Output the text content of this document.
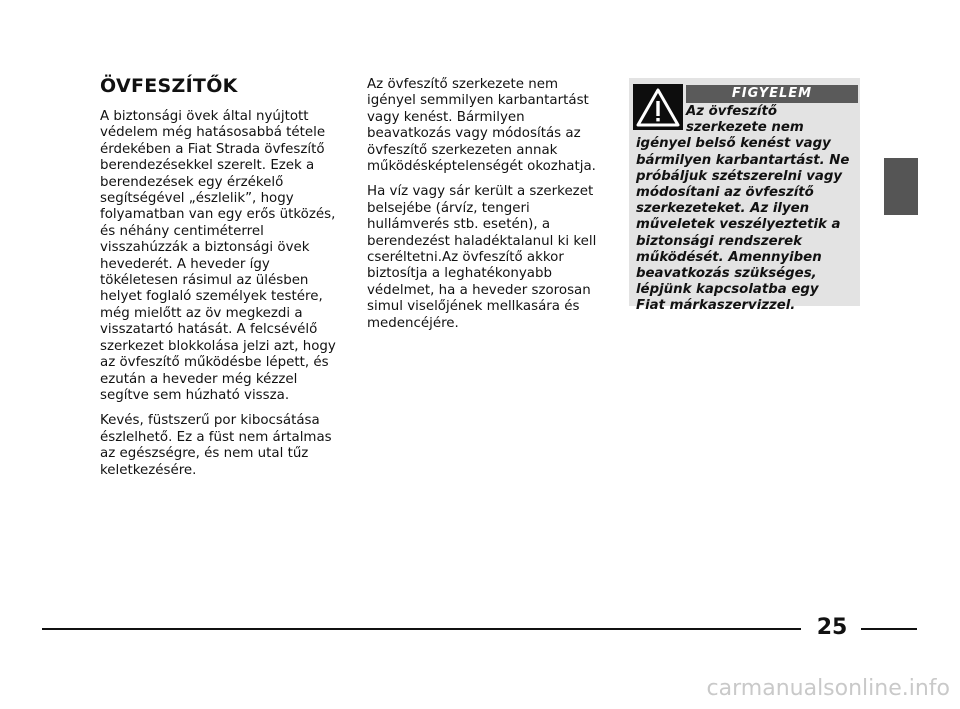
ÖVFESZÍTŐK

A biztonsági övek által nyújtott védelem még hatásosabbá tétele érdekében a Fiat Strada övfeszítő berendezésekkel szerelt. Ezek a berendezések egy érzékelő segítségével „észlelik”, hogy folyamatban van egy erős ütközés, és néhány centiméterrel visszahúzzák a biztonsági övek hevederét. A heveder így tökéletesen rásimul az ülésben helyet foglaló személyek testére, még mielőtt az öv megkezdi a visszatartó hatását. A felcsévélő szerkezet blokkolása jelzi azt, hogy az övfeszítő működésbe lépett, és ezután a heveder még kézzel segítve sem húzható vissza.

Kevés, füstszerű por kibocsátása észlelhető. Ez a füst nem ártalmas az egészségre, és nem utal tűz keletkezésére.

Az övfeszítő szerkezete nem igényel semmilyen karbantartást vagy kenést. Bármilyen beavatkozás vagy módosítás az övfeszítő szerkezeten annak működésképtelenségét okozhatja.

Ha víz vagy sár került a szerkezet belsejébe (árvíz, tengeri hullámverés stb. esetén), a berendezést haladéktalanul ki kell cseréltetni.Az övfeszítő akkor biztosítja a leghatékonyabb védelmet, ha a heveder szorosan simul viselőjének mellkasára és medencéjére.

FIGYELEM
Az övfeszítő szerkezete nem igényel belső kenést vagy bármilyen karbantartást. Ne próbáljuk szétszerelni vagy módosítani az övfeszítő szerkezeteket. Az ilyen műveletek veszélyeztetik a biztonsági rendszerek működését. Amennyiben beavatkozás szükséges, lépjünk kapcsolatba egy Fiat márkaszervizzel.
25
carmanualsonline.info
